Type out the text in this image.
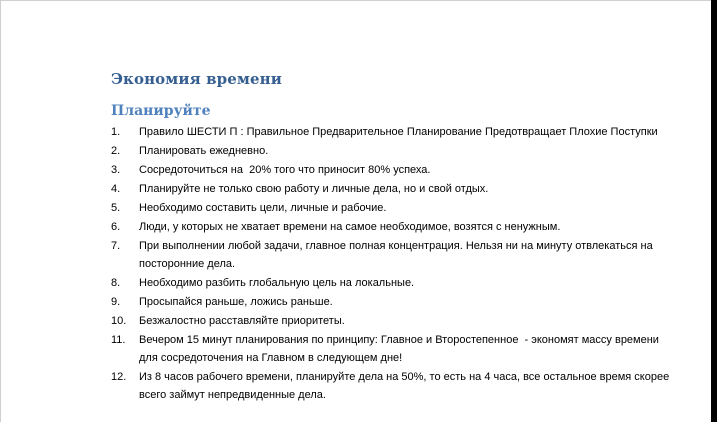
Экономия времени
Планируйте
1. Правило ШЕСТИ П : Правильное Предварительное Планирование Предотвращает Плохие Поступки
2. Планировать ежедневно.
3. Сосредоточиться на  20% того что приносит 80% успеха.
4. Планируйте не только свою работу и личные дела, но и свой отдых.
5. Необходимо составить цели, личные и рабочие.
6. Люди, у которых не хватает времени на самое необходимое, возятся с ненужным.
7. При выполнении любой задачи, главное полная концентрация. Нельзя ни на минуту отвлекаться на посторонние дела.
8. Необходимо разбить глобальную цель на локальные.
9. Просыпайся раньше, ложись раньше.
10. Безжалостно расставляйте приоритеты.
11. Вечером 15 минут планирования по принципу: Главное и Второстепенное  - экономят массу времени для сосредоточения на Главном в следующем дне!
12. Из 8 часов рабочего времени, планируйте дела на 50%, то есть на 4 часа, все остальное время скорее всего займут непредвиденные дела.
